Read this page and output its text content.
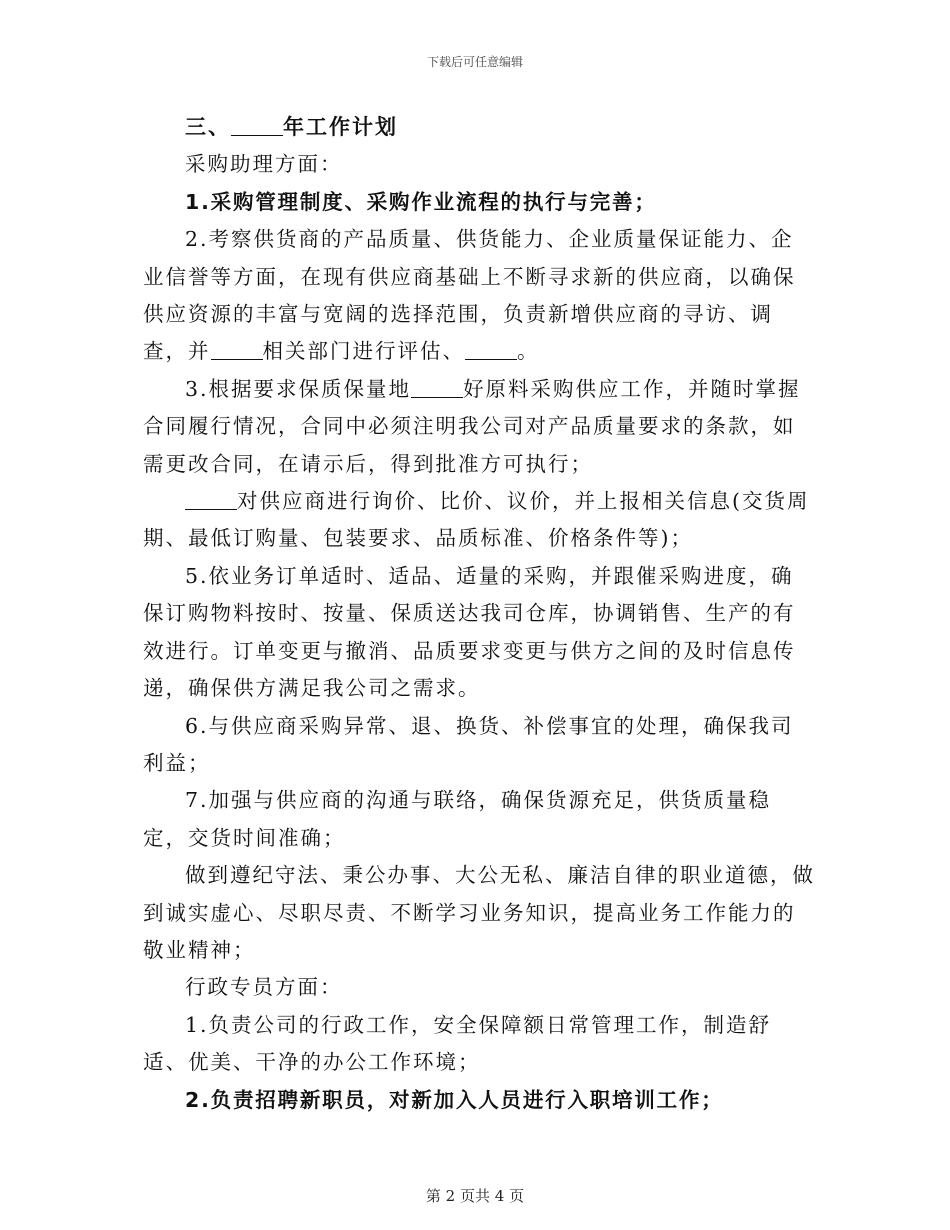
下载后可任意编辑

三、 年工作计划

采购助理方面：

1.采购管理制度、采购作业流程的执行与完善；

2.考察供货商的产品质量、供货能力、企业质量保证能力、企业信誉等方面，在现有供应商基础上不断寻求新的供应商，以确保供应资源的丰富与宽阔的选择范围，负责新增供应商的寻访、调查，并	相关部门进行评估、	。

3.根据要求保质保量地	好原料采购供应工作，并随时掌握合同履行情况，合同中必须注明我公司对产品质量要求的条款，如需更改合同，在请示后，得到批准方可执行；

对供应商进行询价、比价、议价，并上报相关信息(交货周期、最低订购量、包装要求、品质标准、价格条件等)；

5.依业务订单适时、适品、适量的采购，并跟催采购进度，确保订购物料按时、按量、保质送达我司仓库，协调销售、生产的有效进行。订单变更与撤消、品质要求变更与供方之间的及时信息传递，确保供方满足我公司之需求。

6.与供应商采购异常、退、换货、补偿事宜的处理，确保我司利益；

7.加强与供应商的沟通与联络，确保货源充足，供货质量稳定，交货时间准确；

做到遵纪守法、秉公办事、大公无私、廉洁自律的职业道德，做到诚实虚心、尽职尽责、不断学习业务知识，提高业务工作能力的敬业精神；

行政专员方面：

1.负责公司的行政工作，安全保障额日常管理工作，制造舒适、优美、干净的办公工作环境；

2.负责招聘新职员，对新加入人员进行入职培训工作；

第 2 页共 4 页
